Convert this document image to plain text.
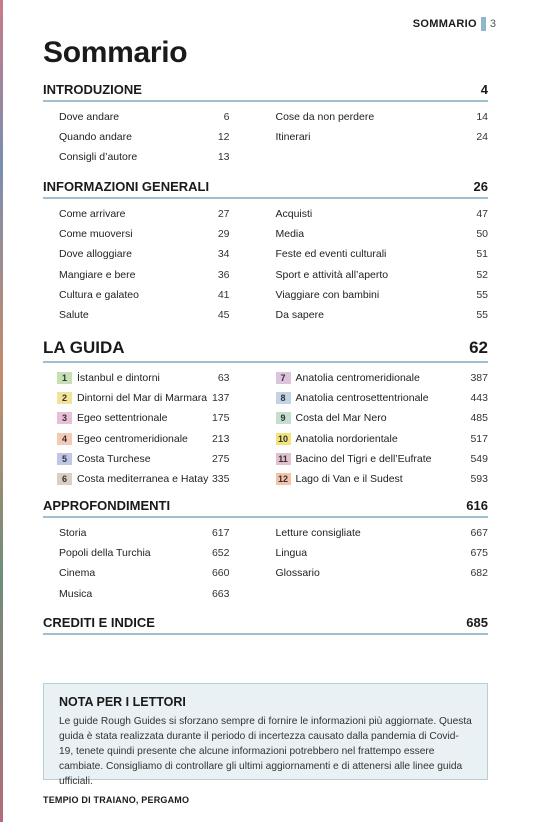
SOMMARIO 3
Sommario
INTRODUZIONE	4
Dove andare	6
Quando andare	12
Consigli d’autore	13
Cose da non perdere	14
Itinerari	24
INFORMAZIONI GENERALI	26
Come arrivare	27
Come muoversi	29
Dove alloggiare	34
Mangiare e bere	36
Cultura e galateo	41
Salute	45
Acquisti	47
Media	50
Feste ed eventi culturali	51
Sport e attività all’aperto	52
Viaggiare con bambini	55
Da sapere	55
LA GUIDA	62
1 İstanbul e dintorni	63
2 Dintorni del Mar di Marmara 137
3 Egeo settentrionale	175
4 Egeo centromeridionale 213
5 Costa Turchese	275
6 Costa mediterranea e Hatay 335
7 Anatolia centromeridionale	387
8 Anatolia centrosettentrionale	443
9 Costa del Mar Nero	485
10 Anatolia nordorientale	517
11 Bacino del Tigri e dell’Eufrate	549
12 Lago di Van e il Sudest	593
APPROFONDIMENTI	616
Storia	617
Popoli della Turchia	652
Cinema	660
Musica	663
Letture consigliate	667
Lingua	675
Glossario	682
CREDITI E INDICE	685
NOTA PER I LETTORI
Le guide Rough Guides si sforzano sempre di fornire le informazioni più aggiornate. Questa guida è stata realizzata durante il periodo di incertezza causato dalla pandemia di Covid-19, tenete quindi presente che alcune informazioni potrebbero nel frattempo essere cambiate. Consigliamo di controllare gli ultimi aggiornamenti e di attenersi alle linee guida ufficiali.
TEMPIO DI TRAIANO, PERGAMO
